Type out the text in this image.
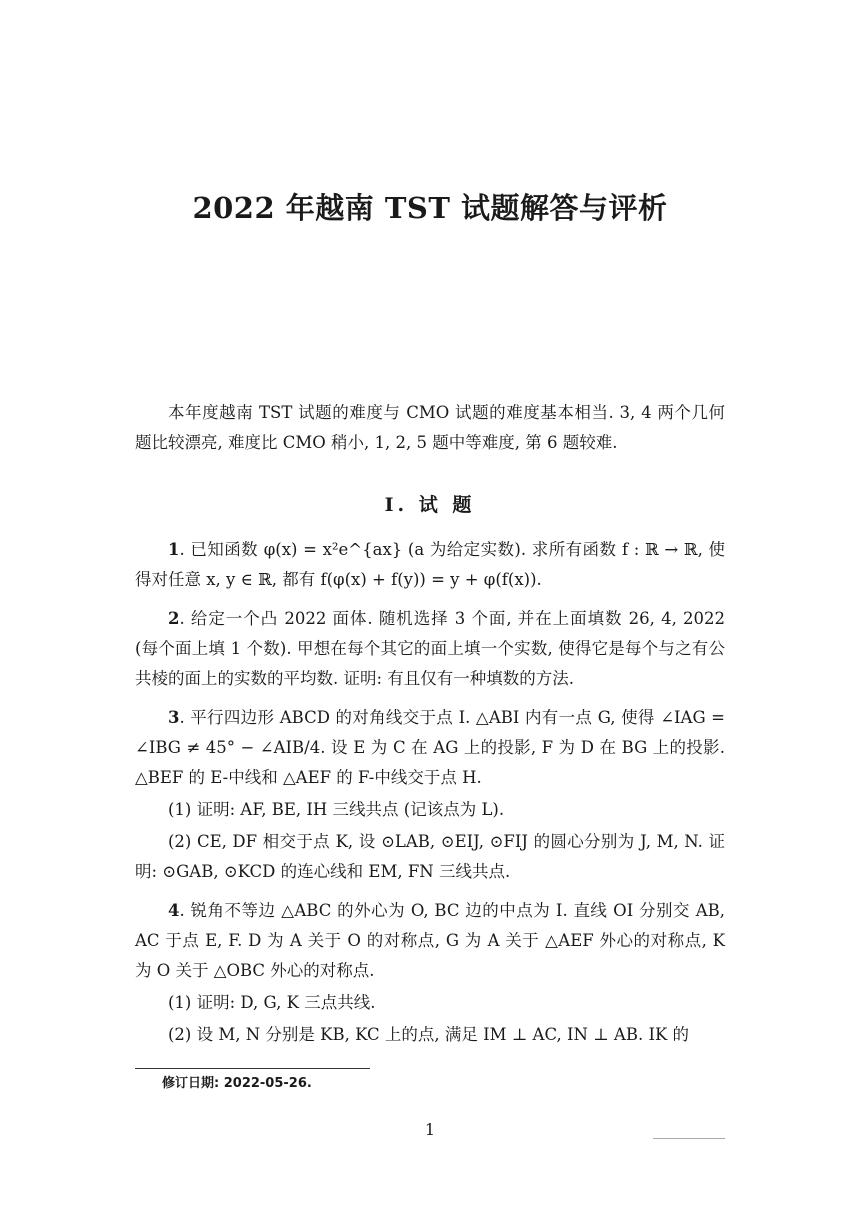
2022 年越南 TST 试题解答与评析

本年度越南 TST 试题的难度与 CMO 试题的难度基本相当. 3, 4 两个几何题比较漂亮, 难度比 CMO 稍小, 1, 2, 5 题中等难度, 第 6 题较难.

I. 试 题

1. 已知函数 φ(x) = x²e^{ax} (a 为给定实数). 求所有函数 f : ℝ → ℝ, 使得对任意 x, y ∈ ℝ, 都有 f(φ(x) + f(y)) = y + φ(f(x)).

2. 给定一个凸 2022 面体. 随机选择 3 个面, 并在上面填数 26, 4, 2022 (每个面上填 1 个数). 甲想在每个其它的面上填一个实数, 使得它是每个与之有公共棱的面上的实数的平均数. 证明: 有且仅有一种填数的方法.

3. 平行四边形 ABCD 的对角线交于点 I. △ABI 内有一点 G, 使得 ∠IAG = ∠IBG ≠ 45° − ∠AIB/4. 设 E 为 C 在 AG 上的投影, F 为 D 在 BG 上的投影. △BEF 的 E-中线和 △AEF 的 F-中线交于点 H.

(1) 证明: AF, BE, IH 三线共点 (记该点为 L).

(2) CE, DF 相交于点 K, 设 ⊙LAB, ⊙EIJ, ⊙FIJ 的圆心分别为 J, M, N. 证明: ⊙GAB, ⊙KCD 的连心线和 EM, FN 三线共点.

4. 锐角不等边 △ABC 的外心为 O, BC 边的中点为 I. 直线 OI 分别交 AB, AC 于点 E, F. D 为 A 关于 O 的对称点, G 为 A 关于 △AEF 外心的对称点, K 为 O 关于 △OBC 外心的对称点.

(1) 证明: D, G, K 三点共线.

(2) 设 M, N 分别是 KB, KC 上的点, 满足 IM ⊥ AC, IN ⊥ AB. IK 的

修订日期: 2022-05-26.
1
